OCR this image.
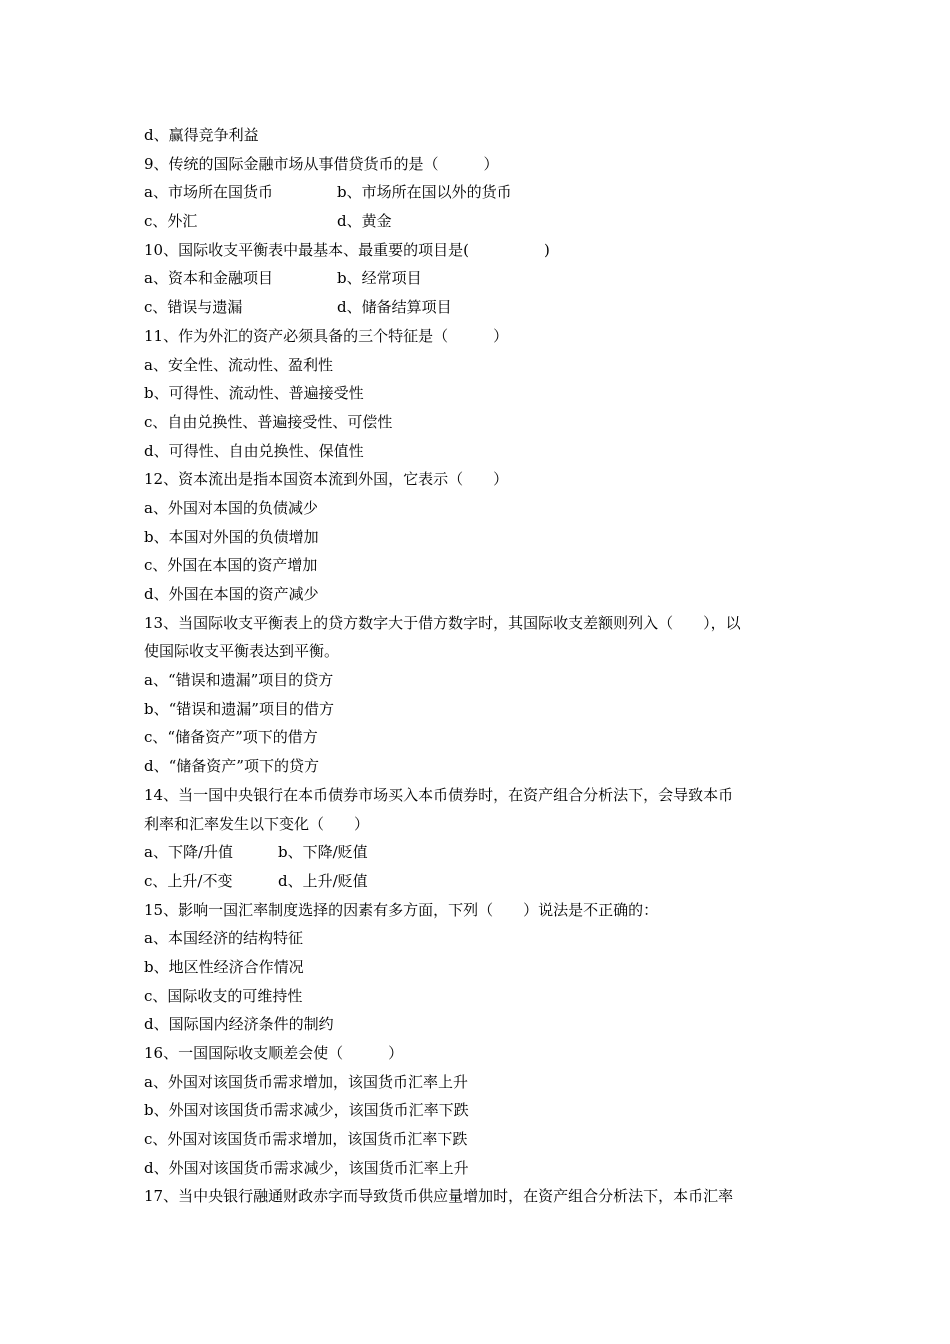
d、赢得竞争利益

9、传统的国际金融市场从事借贷货币的是（　　　）

a、市场所在国货币	b、市场所在国以外的货币
c、外汇	d、黄金

10、国际收支平衡表中最基本、最重要的项目是(　　　　　)

a、资本和金融项目	b、经常项目
c、错误与遗漏	d、储备结算项目

11、作为外汇的资产必须具备的三个特征是（　　　）

a、安全性、流动性、盈利性

b、可得性、流动性、普遍接受性

c、自由兑换性、普遍接受性、可偿性

d、可得性、自由兑换性、保值性

12、资本流出是指本国资本流到外国，它表示（　　）

a、外国对本国的负债减少

b、本国对外国的负债增加

c、外国在本国的资产增加

d、外国在本国的资产减少

13、当国际收支平衡表上的贷方数字大于借方数字时，其国际收支差额则列入（　　），以

使国际收支平衡表达到平衡。

a、“错误和遗漏”项目的贷方

b、“错误和遗漏”项目的借方

c、“储备资产”项下的借方

d、“储备资产”项下的贷方

14、当一国中央银行在本币债券市场买入本币债券时，在资产组合分析法下，会导致本币

利率和汇率发生以下变化（　　）

a、下降/升值	b、下降/贬值
c、上升/不变	d、上升/贬值

15、影响一国汇率制度选择的因素有多方面，下列（　　）说法是不正确的：

a、本国经济的结构特征

b、地区性经济合作情况

c、国际收支的可维持性

d、国际国内经济条件的制约

16、一国国际收支顺差会使（　　　）

a、外国对该国货币需求增加，该国货币汇率上升

b、外国对该国货币需求减少，该国货币汇率下跌

c、外国对该国货币需求增加，该国货币汇率下跌

d、外国对该国货币需求减少，该国货币汇率上升

17、当中央银行融通财政赤字而导致货币供应量增加时，在资产组合分析法下，本币汇率
